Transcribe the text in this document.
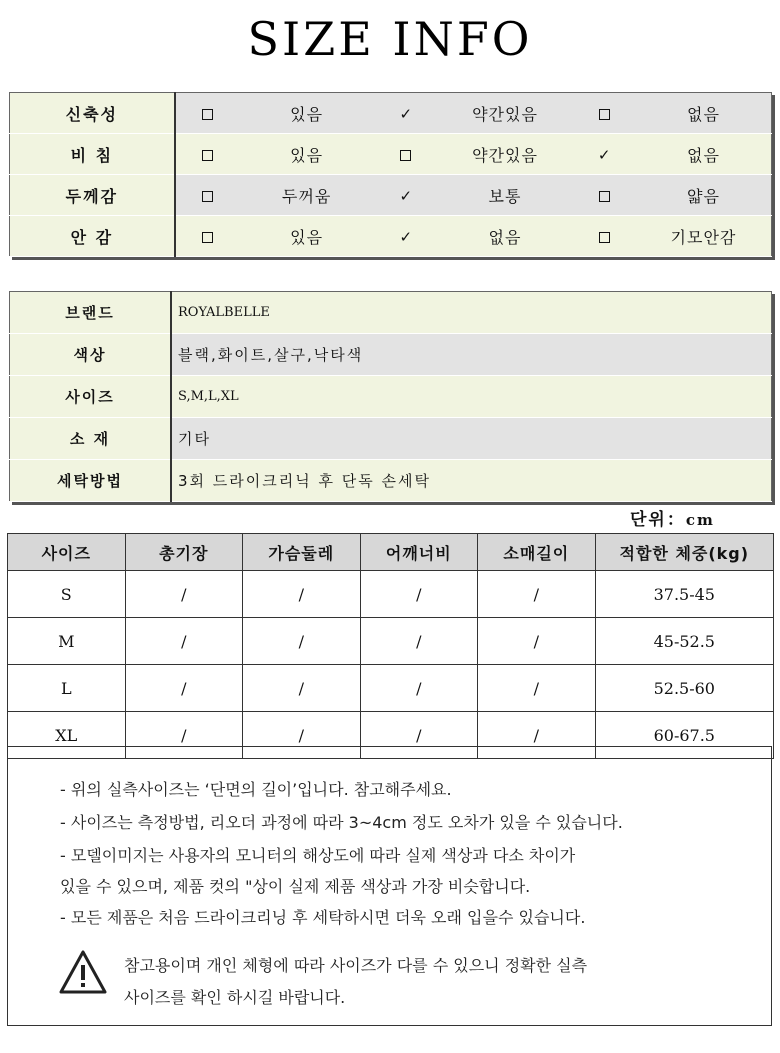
SIZE INFO
신축성		있음	✓	약간있음		없음
비 침		있음		약간있음	✓	없음
두께감		두꺼움	✓	보통		얇음
안 감		있음	✓	없음		기모안감
브랜드	ROYALBELLE
색상	블랙,화이트,살구,낙타색
사이즈	S,M,L,XL
소 재	기타
세탁방법	3회 드라이크리닉 후 단독 손세탁
단위：cm
사이즈	총기장	가슴둘레	어깨너비	소매길이	적합한 체중(kg)
S	/	/	/	/	37.5-45
M	/	/	/	/	45-52.5
L	/	/	/	/	52.5-60
XL	/	/	/	/	60-67.5
- 위의 실측사이즈는 ‘단면의 길이’입니다. 참고해주세요.
- 사이즈는 측정방법, 리오더 과정에 따라 3~4cm 정도 오차가 있을 수 있습니다.
- 모델이미지는 사용자의 모니터의 해상도에 따라 실제 색상과 다소 차이가
있을 수 있으며, 제품 컷의 "상이 실제 제품 색상과 가장 비슷합니다.
- 모든 제품은 처음 드라이크리닝 후 세탁하시면 더욱 오래 입을수 있습니다.
참고용이며 개인 체형에 따라 사이즈가 다를 수 있으니 정확한 실측
사이즈를 확인 하시길 바랍니다.
